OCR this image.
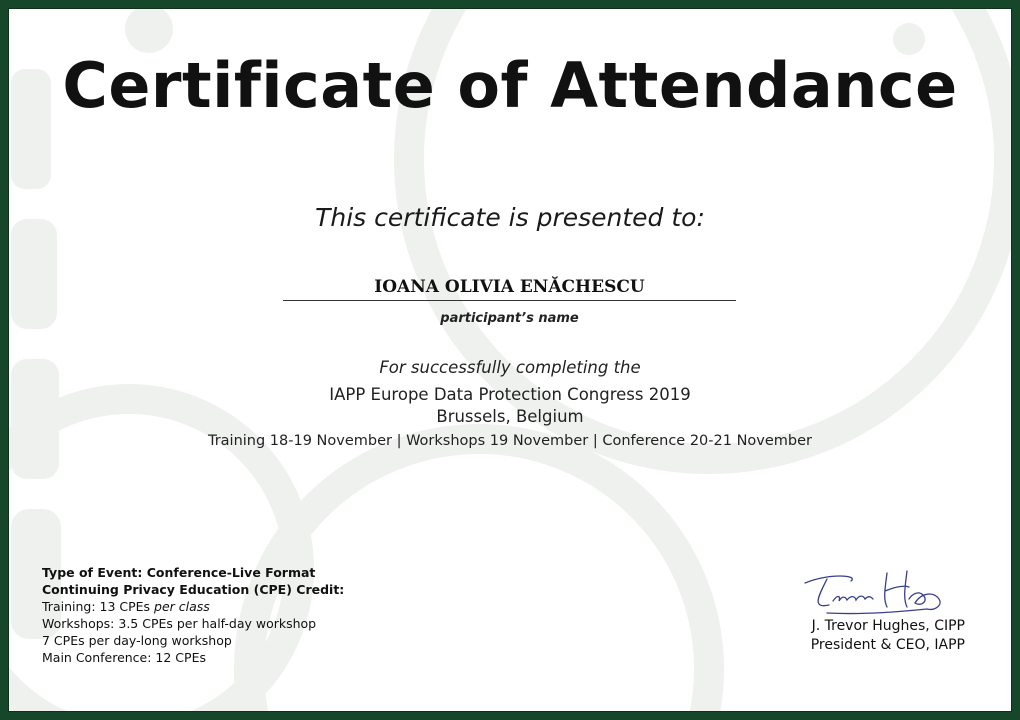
Certificate of Attendance
This certificate is presented to:
IOANA OLIVIA ENĂCHESCU
participant’s name
For successfully completing the
IAPP Europe Data Protection Congress 2019
Brussels, Belgium
Training 18-19 November | Workshops 19 November | Conference 20-21 November
Type of Event: Conference-Live Format
Continuing Privacy Education (CPE) Credit:
Training: 13 CPEs per class
Workshops: 3.5 CPEs per half-day workshop
7 CPEs per day-long workshop
Main Conference: 12 CPEs
J. Trevor Hughes, CIPP
President & CEO, IAPP
